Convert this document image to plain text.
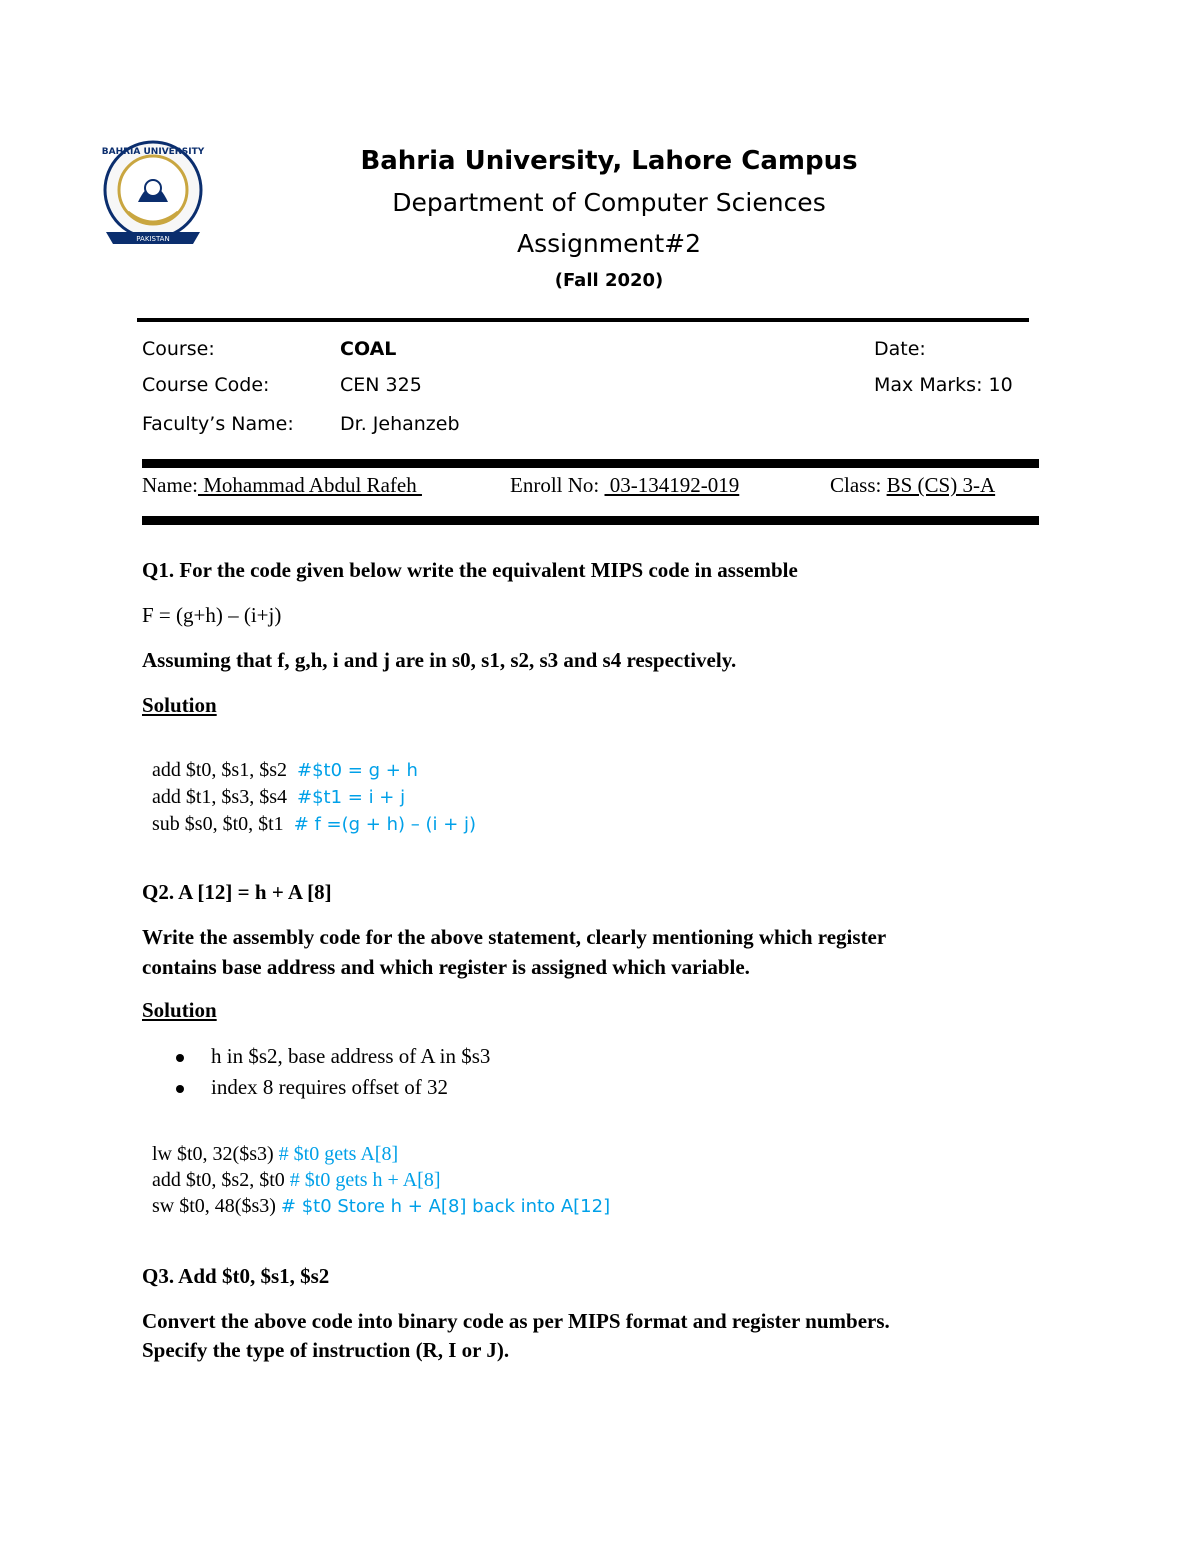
BAHRIA UNIVERSITY
PAKISTAN
Bahria University, Lahore Campus
Department of Computer Sciences
Assignment#2
(Fall 2020)
Course:	COAL	Date:
Course Code:	CEN 325	Max Marks: 10
Faculty’s Name: Dr. Jehanzeb
Name: Mohammad Abdul Rafeh	Enroll No:  03-134192-019	Class: BS (CS) 3-A
Q1. For the code given below write the equivalent MIPS code in assemble
F = (g+h) – (i+j)
Assuming that f, g,h, i and j are in s0, s1, s2, s3 and s4 respectively.
Solution

add $t0, $s1, $s2  #$t0 = g + h

add $t1, $s3, $s4  #$t1 = i + j

sub $s0, $t0, $t1  # f =(g + h) – (i + j)

Q2. A [12] = h + A [8]
Write the assembly code for the above statement, clearly mentioning which register
contains base address and which register is assigned which variable.
Solution
h in $s2, base address of A in $s3
index 8 requires offset of 32

lw $t0, 32($s3) # $t0 gets A[8]

add $t0, $s2, $t0 # $t0 gets h + A[8]

sw $t0, 48($s3) # $t0 Store h + A[8] back into A[12]

Q3. Add $t0, $s1, $s2
Convert the above code into binary code as per MIPS format and register numbers.
Specify the type of instruction (R, I or J).
